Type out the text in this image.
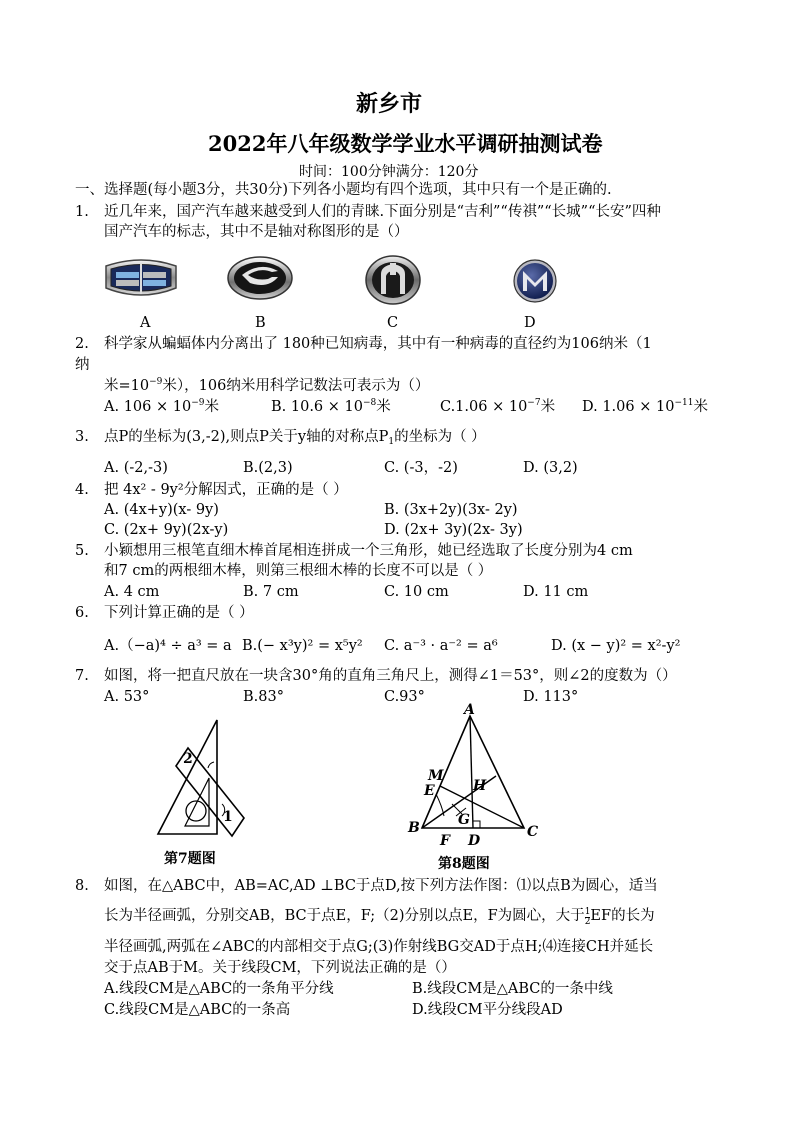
新乡市
2022年八年级数学学业水平调研抽测试卷
时间：100分钟满分：120分
一、选择题(每小题3分，共30分)下列各小题均有四个选项，其中只有一个是正确的.
1. 近几年来，国产汽车越来越受到人们的青睐.下面分别是“吉利”“传祺”“长城”“长安”四种
国产汽车的标志，其中不是轴对称图形的是（）
A	B	C	D
2. 科学家从蝙蝠体内分离出了 180种已知病毒，其中有一种病毒的直径约为106纳米（1
纳
米$=10^{-9}$米），106纳米用科学记数法可表示为（）
A. $106 \times 10^{-9}$米	B. $10.6 \times 10^{-8}$米	$C.1.06 \times 10^{-7}$米 D. $1.06 \times 10^{-11}$米
3. 点P的坐标为(3,-2),则点P关于y轴的对称点$P_1$的坐标为（ ）
A. (-2,-3)	B.(2,3)	C. (-3，-2)	D. (3,2)
4. 把 4x² - 9y²分解因式，正确的是（ ）
A. (4x+y)(x- 9y)	B. (3x+2y)(3x- 2y)
C. (2x+ 9y)(2x-y)	D. (2x+ 3y)(2x- 3y)
5. 小颖想用三根笔直细木棒首尾相连拼成一个三角形，她已经选取了长度分别为4 cm
和7 cm的两根细木棒，则第三根细木棒的长度不可以是（ ）
A. 4 cm	B. 7 cm	C. 10 cm	D. 11 cm
6. 下列计算正确的是（ ）
A.（−a)⁴ ÷ a³ = a B.(− x³y)² = x⁵y² C. a⁻³ · a⁻² = a⁶	D. (x − y)² = x²-y²
7. 如图，将一把直尺放在一块含30°角的直角三角尺上，测得∠1＝53°，则∠2的度数为（）
A. 53°	B.83°	C.93°	D. 113°
2
1
第7题图
A
B	C
D
E
F
G
H
M
第8题图
8. 如图，在△ABC中，AB=AC,AD ⊥BC于点D,按下列方法作图：⑴以点B为圆心，适当
长为半径画弧，分别交AB，BC于点E，F;（2)分别以点E，F为圆心，大于 $\frac{1}{2}$ EF的长为
半径画弧,两弧在∠ABC的内部相交于点G;(3)作射线BG交AD于点H;⑷连接CH并延长
交于点AB于M。关于线段CM，下列说法正确的是（）
A.线段CM是△ABC的一条角平分线	B.线段CM是△ABC的一条中线
C.线段CM是△ABC的一条高	D.线段CM平分线段AD
